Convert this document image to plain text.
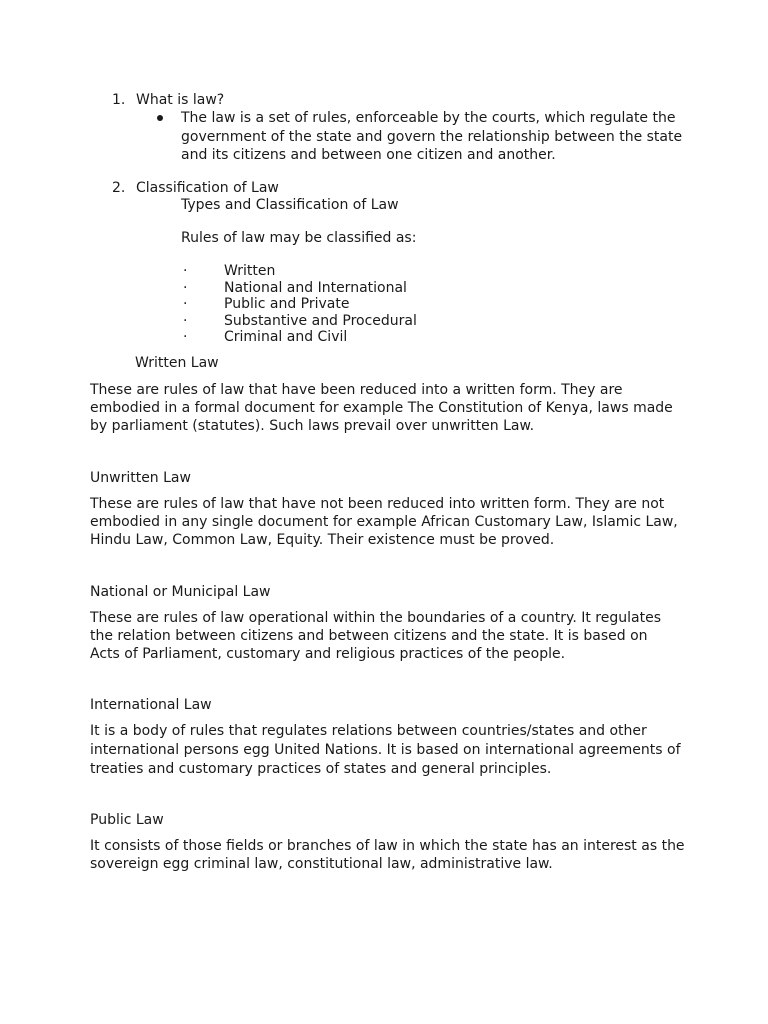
1. What is law?
The law is a set of rules, enforceable by the courts, which regulate the
government of the state and govern the relationship between the state
and its citizens and between one citizen and another.
2. Classification of Law
Types and Classification of Law
Rules of law may be classified as:
·	Written
·	National and International
·	Public and Private
·	Substantive and Procedural
·	Criminal and Civil
Written Law
These are rules of law that have been reduced into a written form. They are
embodied in a formal document for example The Constitution of Kenya, laws made
by parliament (statutes). Such laws prevail over unwritten Law.
Unwritten Law
These are rules of law that have not been reduced into written form. They are not
embodied in any single document for example African Customary Law, Islamic Law,
Hindu Law, Common Law, Equity. Their existence must be proved.
National or Municipal Law
These are rules of law operational within the boundaries of a country. It regulates
the relation between citizens and between citizens and the state. It is based on
Acts of Parliament, customary and religious practices of the people.
International Law
It is a body of rules that regulates relations between countries/states and other
international persons egg United Nations. It is based on international agreements of
treaties and customary practices of states and general principles.
Public Law
It consists of those fields or branches of law in which the state has an interest as the
sovereign egg criminal law, constitutional law, administrative law.
